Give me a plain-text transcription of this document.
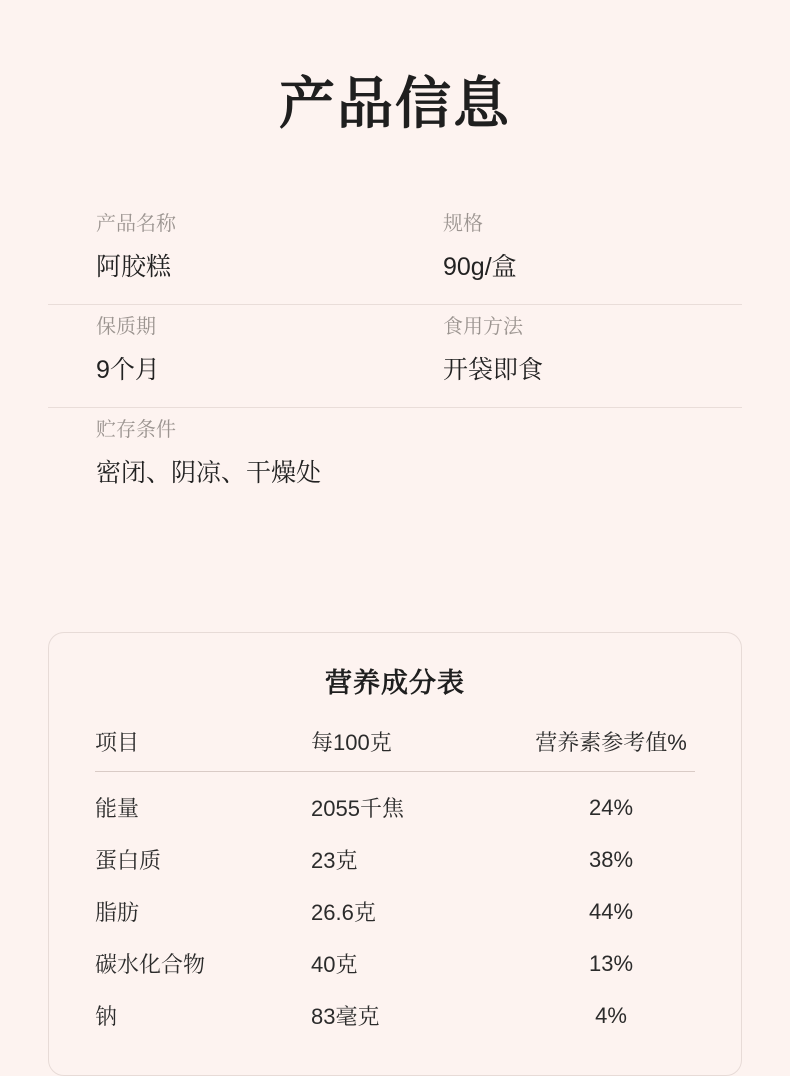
产品信息
产品名称
阿胶糕
规格
90g/盒
保质期
9个月
食用方法
开袋即食
贮存条件
密闭、阴凉、干燥处
营养成分表
项目	每100克	营养素参考值%
能量	2055千焦	24%
蛋白质	23克	38%
脂肪	26.6克	44%
碳水化合物	40克	13%
钠	83毫克	4%
